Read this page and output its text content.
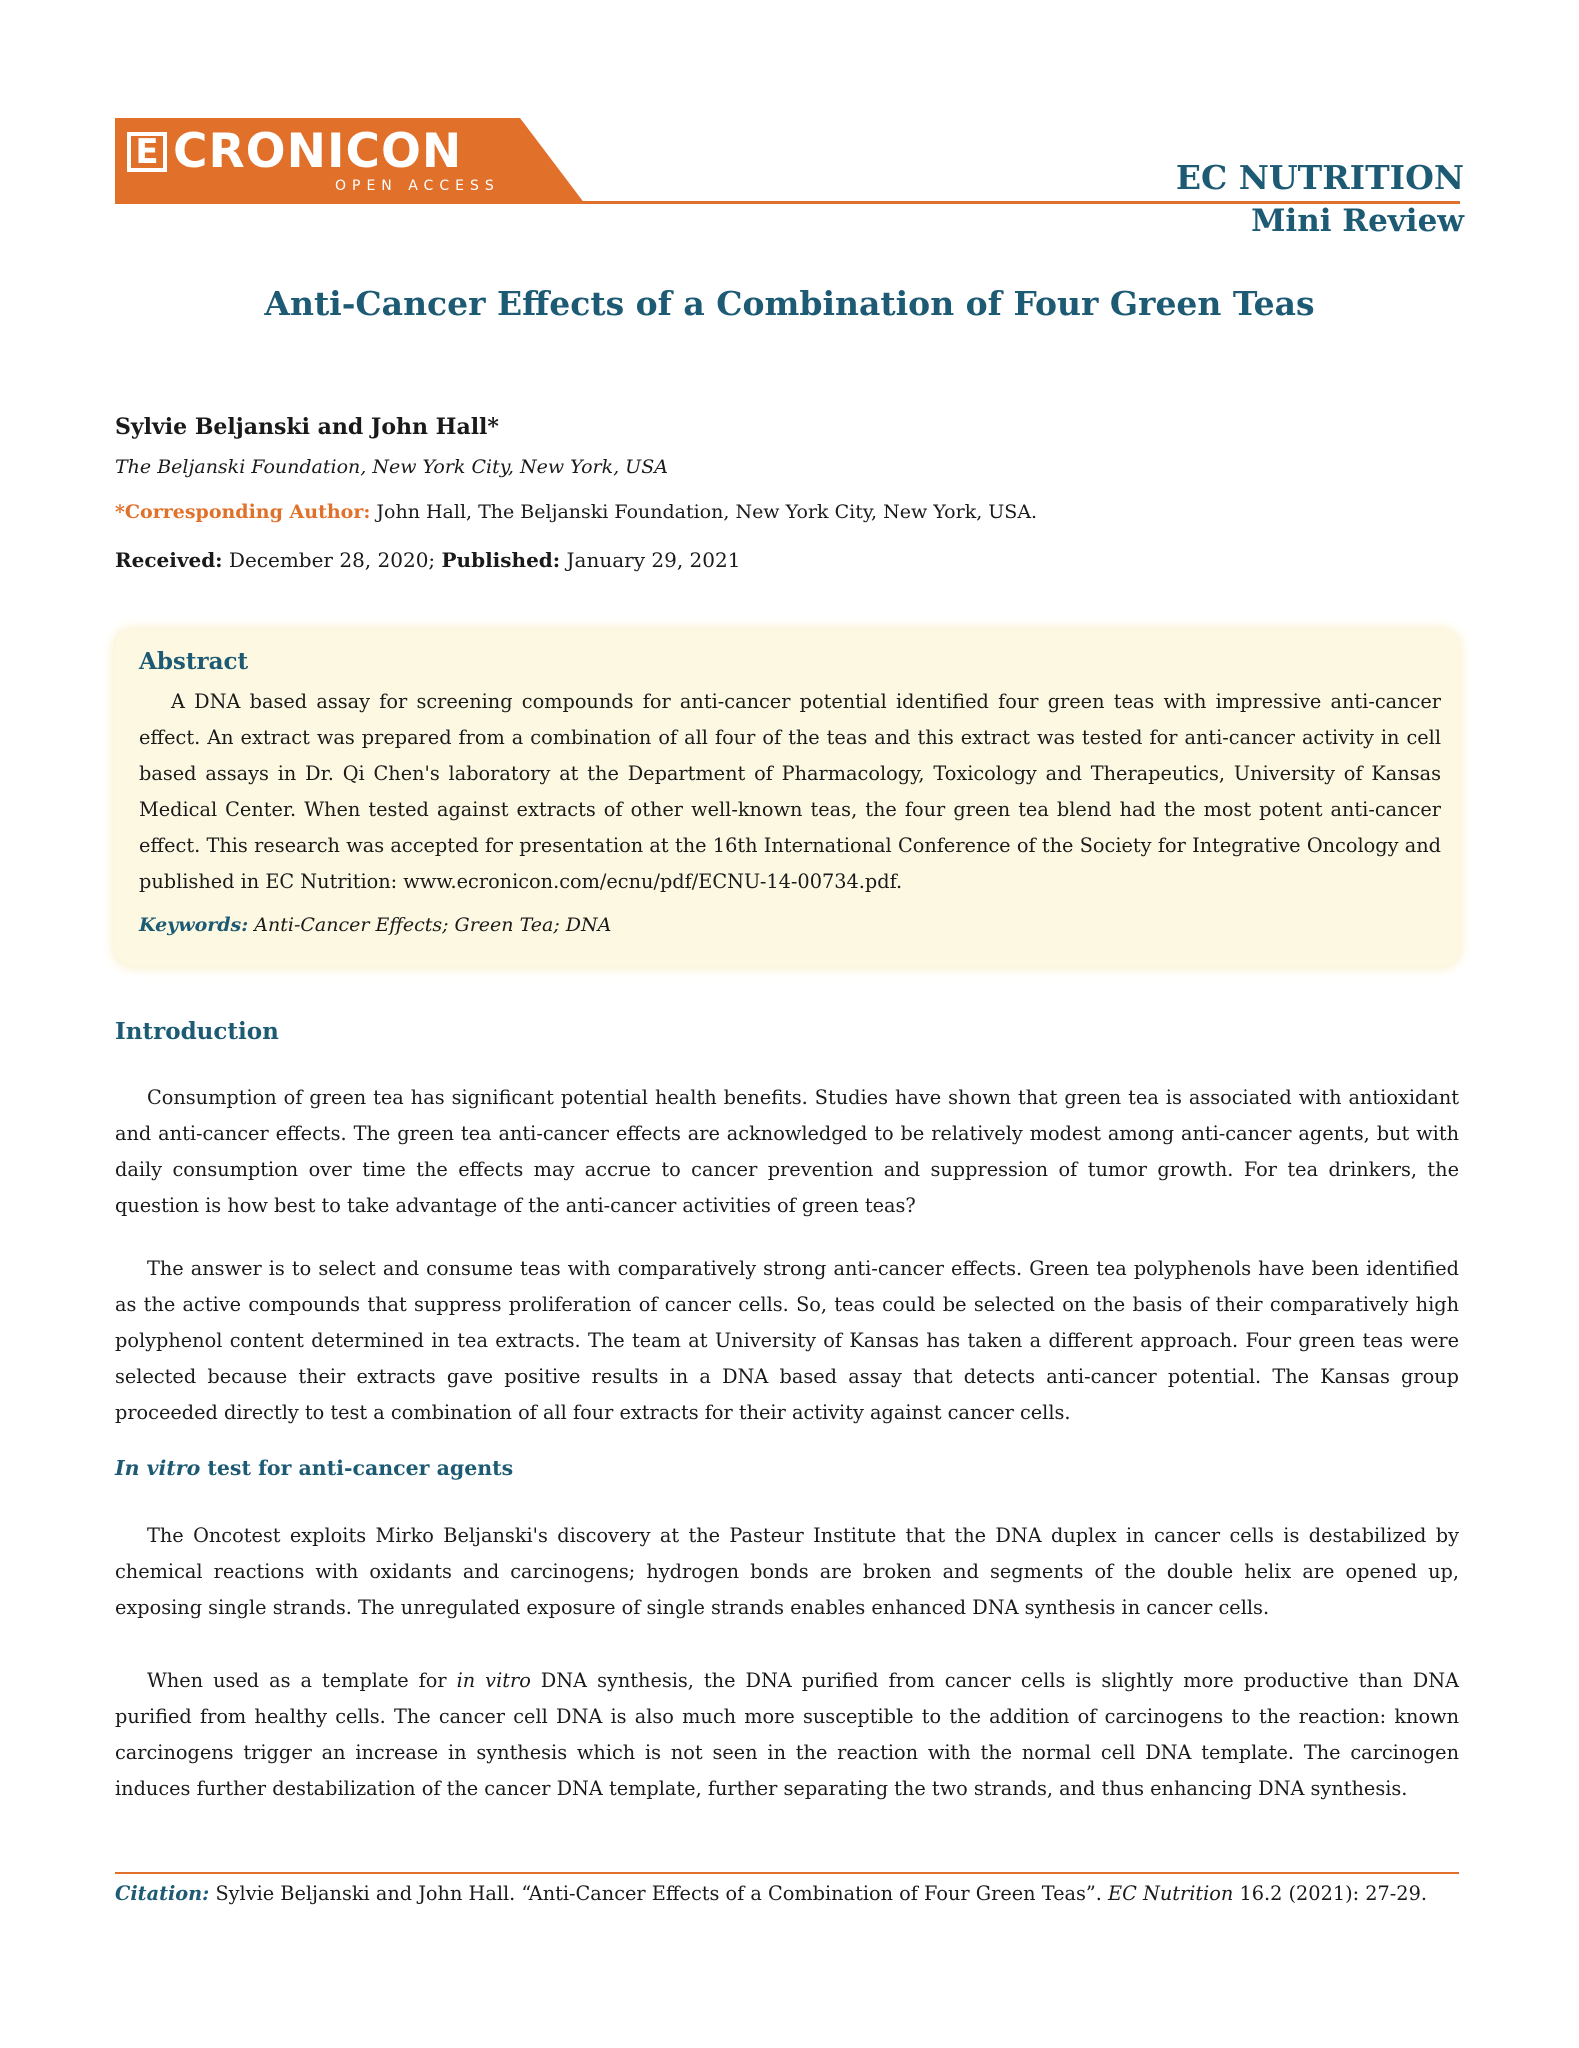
E CRONICON
OPEN ACCESS	EC NUTRITION
Mini Review
Anti-Cancer Effects of a Combination of Four Green Teas
Sylvie Beljanski and John Hall*
The Beljanski Foundation, New York City, New York, USA
*Corresponding Author: John Hall, The Beljanski Foundation, New York City, New York, USA.
Received: December 28, 2020; Published: January 29, 2021
Abstract

A DNA based assay for screening compounds for anti-cancer potential identified four green teas with impressive anti-cancer effect. An extract was prepared from a combination of all four of the teas and this extract was tested for anti-cancer activity in cell based assays in Dr. Qi Chen's laboratory at the Department of Pharmacology, Toxicology and Therapeutics, University of Kansas Medical Center. When tested against extracts of other well-known teas, the four green tea blend had the most potent anti-cancer effect. This research was accepted for presentation at the 16th International Conference of the Society for Integrative Oncology and published in EC Nutrition: www.ecronicon.com/ecnu/pdf/ECNU-14-00734.pdf.

Keywords: Anti-Cancer Effects; Green Tea; DNA
Introduction

Consumption of green tea has significant potential health benefits. Studies have shown that green tea is associated with antioxidant and anti-cancer effects. The green tea anti-cancer effects are acknowledged to be relatively modest among anti-cancer agents, but with daily consumption over time the effects may accrue to cancer prevention and suppression of tumor growth. For tea drinkers, the question is how best to take advantage of the anti-cancer activities of green teas?

The answer is to select and consume teas with comparatively strong anti-cancer effects. Green tea polyphenols have been identified as the active compounds that suppress proliferation of cancer cells. So, teas could be selected on the basis of their comparatively high polyphenol content determined in tea extracts. The team at University of Kansas has taken a different approach. Four green teas were selected because their extracts gave positive results in a DNA based assay that detects anti-cancer potential. The Kansas group proceeded directly to test a combination of all four extracts for their activity against cancer cells.

In vitro test for anti-cancer agents

The Oncotest exploits Mirko Beljanski's discovery at the Pasteur Institute that the DNA duplex in cancer cells is destabilized by chemical reactions with oxidants and carcinogens; hydrogen bonds are broken and segments of the double helix are opened up, exposing single strands. The unregulated exposure of single strands enables enhanced DNA synthesis in cancer cells.

When used as a template for in vitro DNA synthesis, the DNA purified from cancer cells is slightly more productive than DNA purified from healthy cells. The cancer cell DNA is also much more susceptible to the addition of carcinogens to the reaction: known carcinogens trigger an increase in synthesis which is not seen in the reaction with the normal cell DNA template. The carcinogen induces further destabilization of the cancer DNA template, further separating the two strands, and thus enhancing DNA synthesis.

Citation: Sylvie Beljanski and John Hall. “Anti-Cancer Effects of a Combination of Four Green Teas”. EC Nutrition 16.2 (2021): 27-29.
